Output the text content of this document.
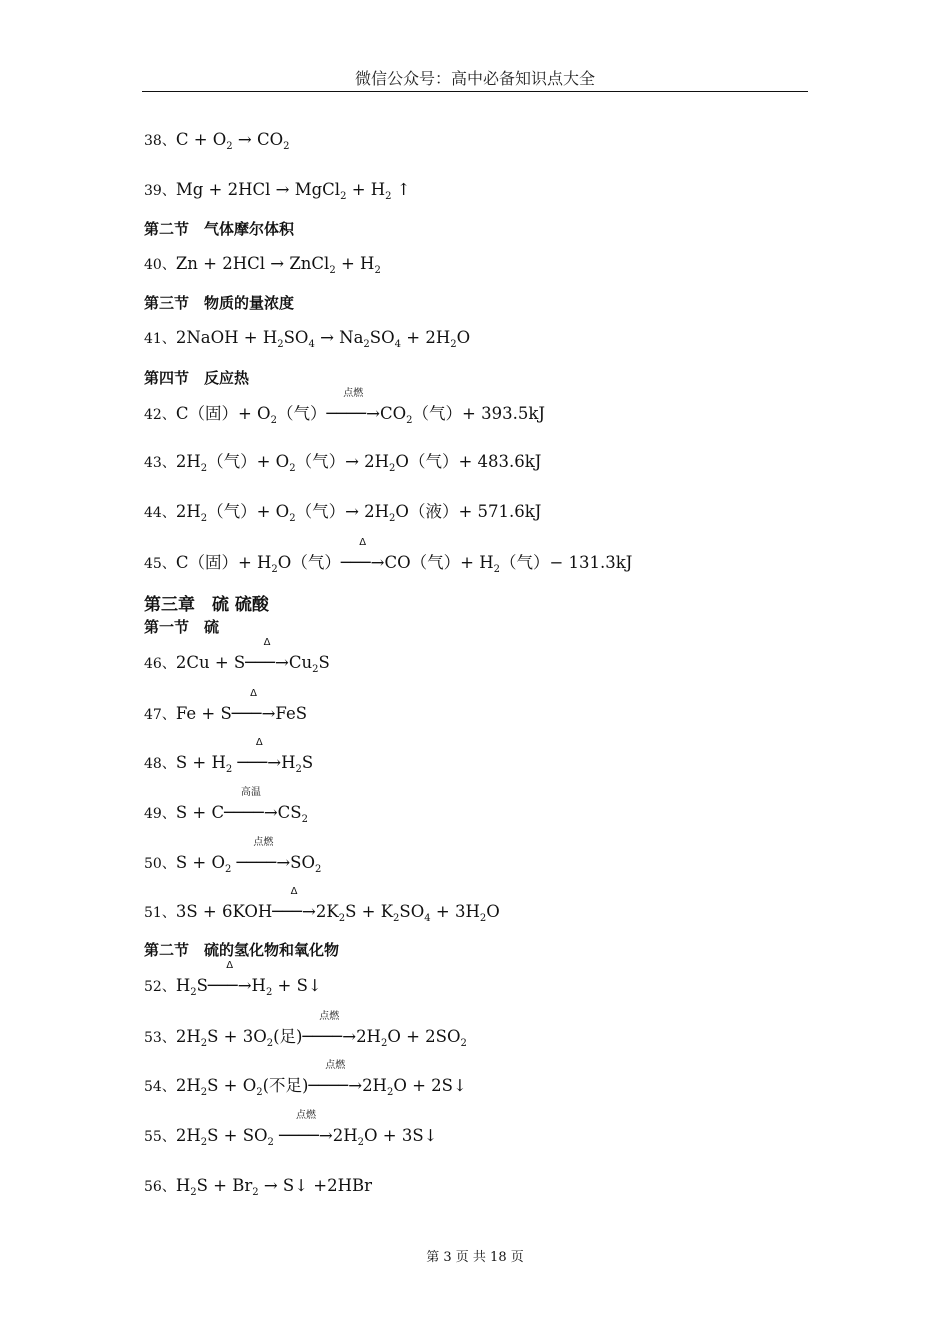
微信公众号：高中必备知识点大全
38、$C + O_2 \to CO_2$
39、Mg + 2HCl → MgCl$_2$ + $H_2$ ↑
第二节　气体摩尔体积
40、Zn + 2HCl → ZnCl$_2$ + $H_2$
第三节　物质的量浓度
41、2NaOH + $H_2SO_4 \to Na_2SO_4 + 2H_2O$
第四节　反应热
42、C（固）+ $O_2$（气）
点燃
$────\to CO_2$（气）+ 393.5kJ
43、$2H_2$（气）+ $O_2$（气）→ $2H_2O$（气）+ 483.6kJ
44、$2H_2$（气）+ $O_2$（气）→ $2H_2O$（液）+ 571.6kJ
45、C（固）+ $H_2O$（气）
Δ
───→CO（气）+ $H_2$（气）− 131.3kJ
第三章　硫 硫酸
第一节　硫
46、2Cu + S
Δ
$───\to Cu_2S$
47、Fe + S
Δ
───→FeS
48、$S + H_2$
Δ
$───\to H_2S$
49、S + C
高温
$────\to CS_2$
50、$S + O_2$
点燃
$────\to SO_2$
51、3S + 6KOH
Δ
$───\to 2K_2S + K_2SO_4 + 3H_2O$
第二节　硫的氢化物和氧化物
52、$H_2S$
Δ
$───\to H_2$ + S↓
53、$2H_2S + 3O_2$(足)
点燃
$────\to 2H_2O + 2SO_2$
54、$2H_2S + O_2$(不足)
点燃
$────\to 2H_2O$ + 2S↓
55、$2H_2S + SO_2$
点燃
$────\to 2H_2O$ + 3S↓
56、$H_2S + Br_2$ → S↓ +2HBr
第 3 页 共 18 页
